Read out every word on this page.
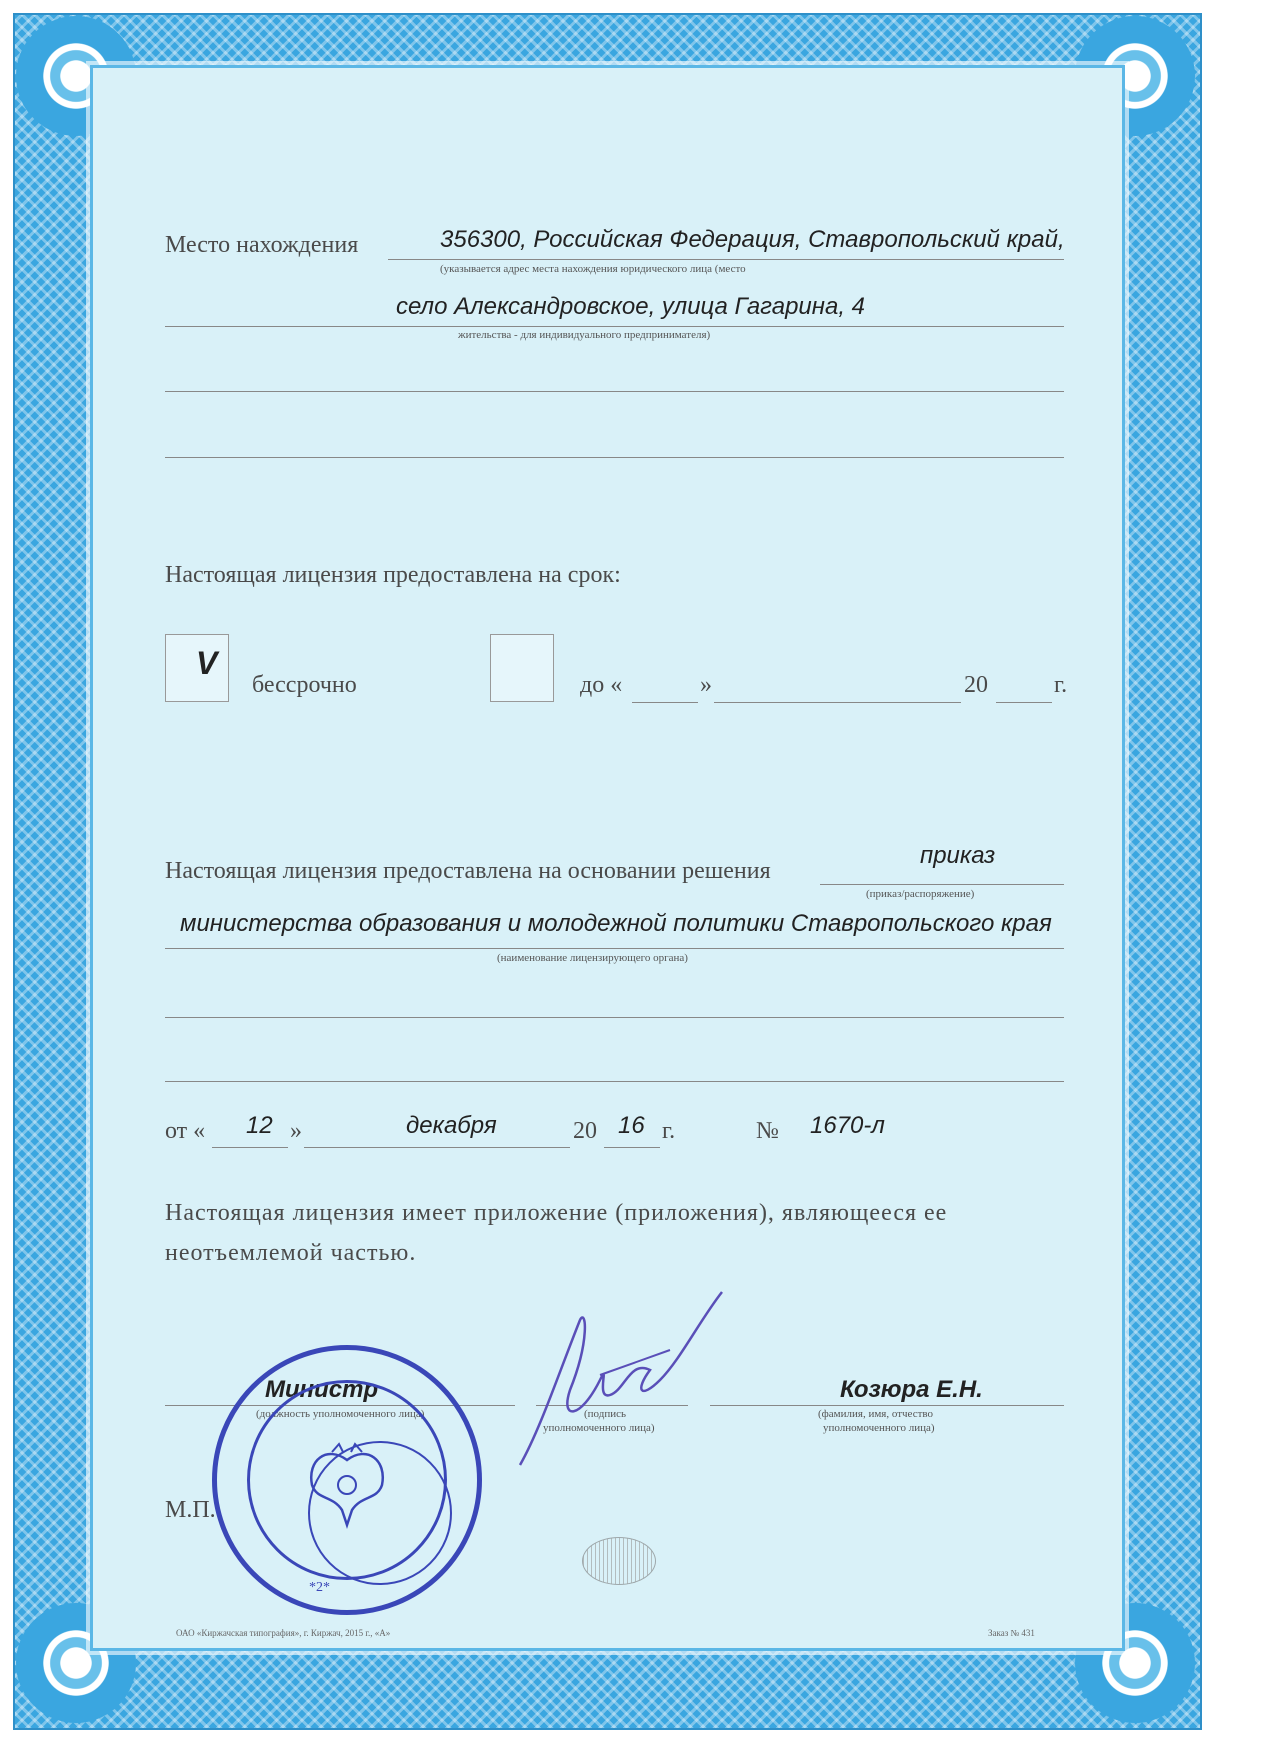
Место нахождения	356300, Российская Федерация, Ставропольский край,
(указывается адрес места нахождения юридического лица (место
село Александровское, улица Гагарина, 4
жительства - для индивидуального предпринимателя)
Настоящая лицензия предоставлена на срок:
V
бессрочно	до «	»	20	г.
Настоящая лицензия предоставлена на основании решения
приказ
(приказ/распоряжение)
министерства образования и молодежной политики Ставропольского края
(наименование лицензирующего органа)
от « 12 »	декабря	20 16 г.	№ 1670-л
Настоящая лицензия имеет приложение (приложения), являющееся ее
неотъемлемой частью.
Министр
(должность уполномоченного лица)	(подпись
уполномоченного лица)
Козюра Е.Н.
(фамилия, имя, отчество
уполномоченного лица)
*2*
М.П.
ОАО «Киржачская типография», г. Киржач, 2015 г., «А»	Заказ № 431
